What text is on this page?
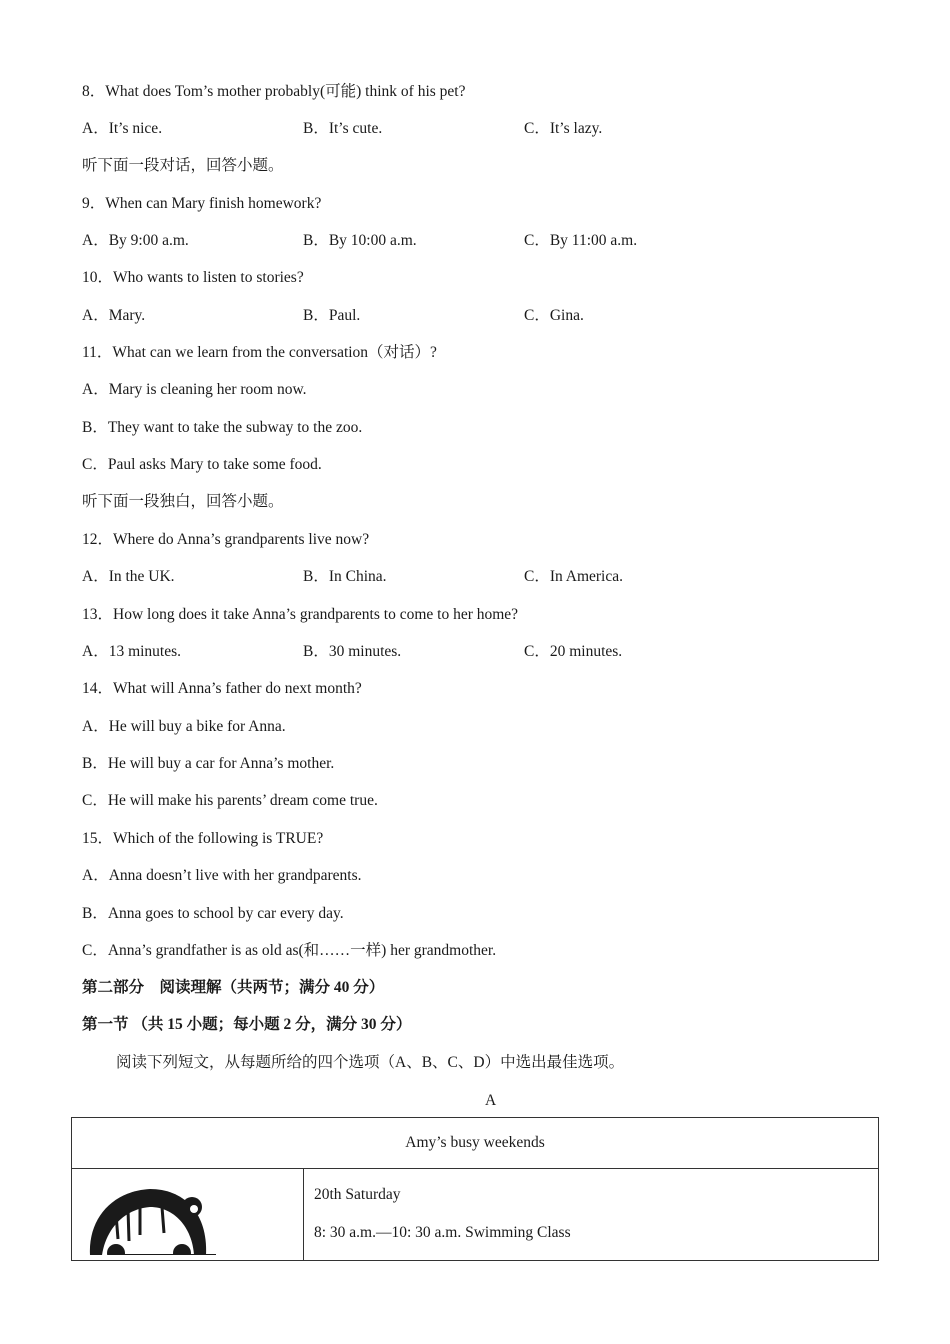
8．What does Tom’s mother probably(可能) think of his pet?
A．It’s nice.	B．It’s cute.	C．It’s lazy.
听下面一段对话，回答小题。
9．When can Mary finish homework?
A．By 9:00 a.m.	B．By 10:00 a.m.	C．By 11:00 a.m.
10．Who wants to listen to stories?
A．Mary.	B．Paul.	C．Gina.
11．What can we learn from the conversation（对话）?
A．Mary is cleaning her room now.
B．They want to take the subway to the zoo.
C．Paul asks Mary to take some food.
听下面一段独白，回答小题。
12．Where do Anna’s grandparents live now?
A．In the UK.	B．In China.	C．In America.
13．How long does it take Anna’s grandparents to come to her home?
A．13 minutes.	B．30 minutes.	C．20 minutes.
14．What will Anna’s father do next month?
A．He will buy a bike for Anna.
B．He will buy a car for Anna’s mother.
C．He will make his parents’ dream come true.
15．Which of the following is TRUE?
A．Anna doesn’t live with her grandparents.
B．Anna goes to school by car every day.
C．Anna’s grandfather is as old as(和……一样) her grandmother.
第二部分　阅读理解（共两节；满分 40 分）
第一节 （共 15 小题；每小题 2 分，满分 30 分）
阅读下列短文，从每题所给的四个选项（A、B、C、D）中选出最佳选项。
A
Amy’s busy weekends

20th Saturday
8: 30 a.m.—10: 30 a.m. Swimming Class
